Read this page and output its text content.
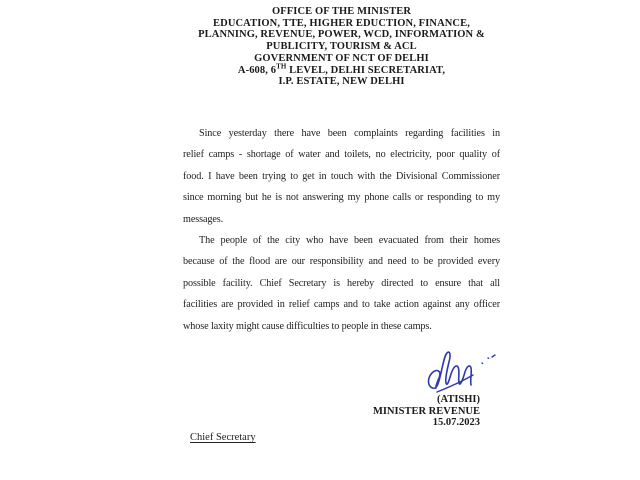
OFFICE OF THE MINISTER
EDUCATION, TTE, HIGHER EDUCTION, FINANCE,
PLANNING, REVENUE, POWER, WCD, INFORMATION &
PUBLICITY, TOURISM & ACL
GOVERNMENT OF NCT OF DELHI
A-608, 6TH LEVEL, DELHI SECRETARIAT,
I.P. ESTATE, NEW DELHI
Since yesterday there have been complaints regarding facilities in
relief camps - shortage of water and toilets, no electricity, poor quality of
food. I have been trying to get in touch with the Divisional Commissioner
since morning but he is not answering my phone calls or responding to my
messages.
The people of the city who have been evacuated from their homes
because of the flood are our responsibility and need to be provided every
possible facility. Chief Secretary is hereby directed to ensure that all
facilities are provided in relief camps and to take action against any officer
whose laxity might cause difficulties to people in these camps.
(ATISHI)
MINISTER REVENUE
15.07.2023
Chief Secretary
